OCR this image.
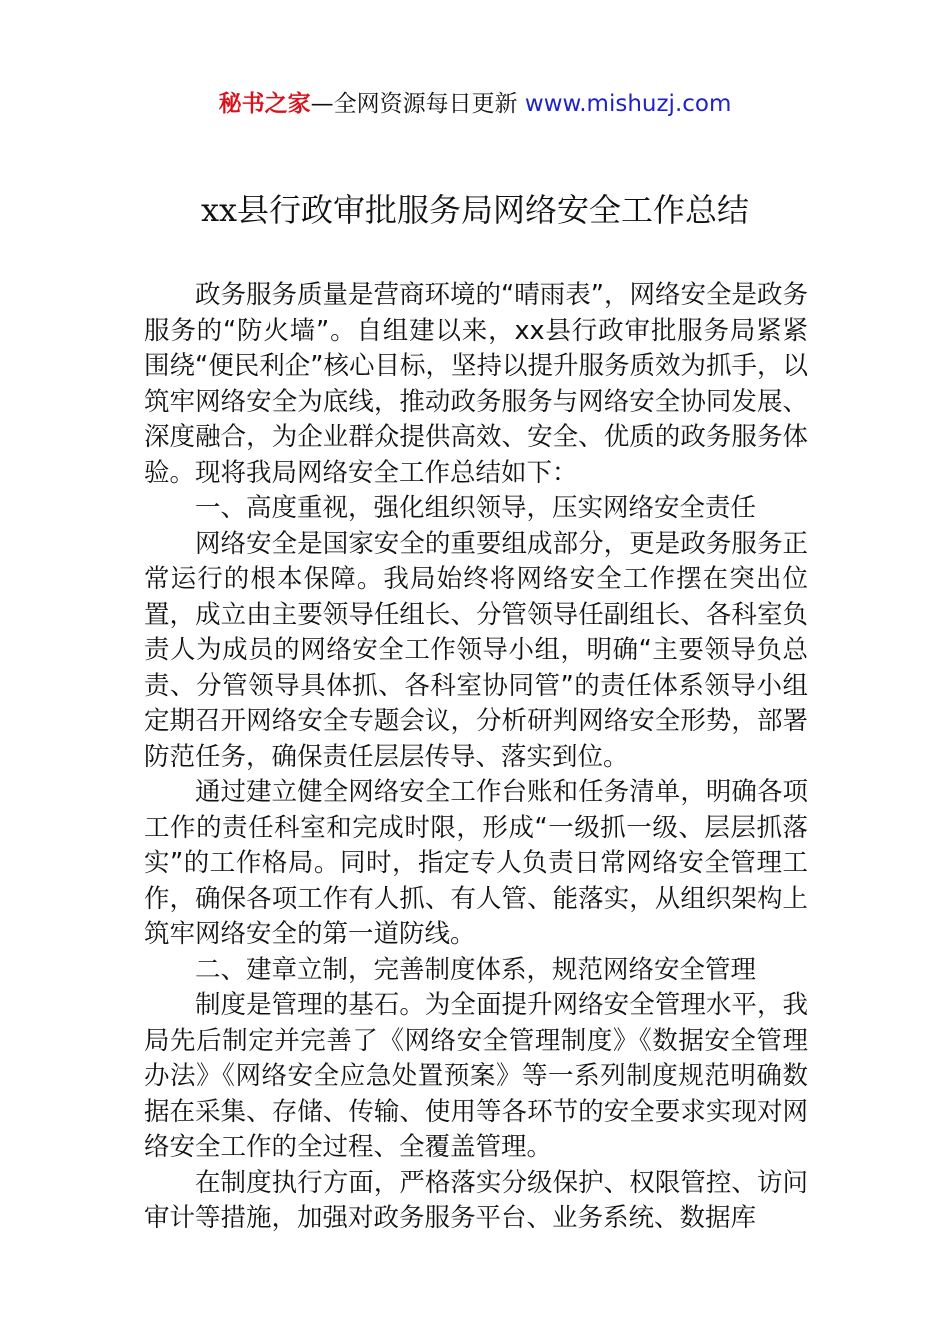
秘书之家—全网资源每日更新 www.mishuzj.com
xx县行政审批服务局网络安全工作总结

政务服务质量是营商环境的“晴雨表”，网络安全是政务服务的“防火墙”。自组建以来，xx县行政审批服务局紧紧围绕“便民利企”核心目标，坚持以提升服务质效为抓手，以筑牢网络安全为底线，推动政务服务与网络安全协同发展、深度融合，为企业群众提供高效、安全、优质的政务服务体验。现将我局网络安全工作总结如下：

一、高度重视，强化组织领导，压实网络安全责任

网络安全是国家安全的重要组成部分，更是政务服务正常运行的根本保障。我局始终将网络安全工作摆在突出位置，成立由主要领导任组长、分管领导任副组长、各科室负责人为成员的网络安全工作领导小组，明确“主要领导负总责、分管领导具体抓、各科室协同管”的责任体系领导小组定期召开网络安全专题会议，分析研判网络安全形势，部署防范任务，确保责任层层传导、落实到位。

通过建立健全网络安全工作台账和任务清单，明确各项工作的责任科室和完成时限，形成“一级抓一级、层层抓落实”的工作格局。同时，指定专人负责日常网络安全管理工作，确保各项工作有人抓、有人管、能落实，从组织架构上筑牢网络安全的第一道防线。

二、建章立制，完善制度体系，规范网络安全管理

制度是管理的基石。为全面提升网络安全管理水平，我局先后制定并完善了《网络安全管理制度》《数据安全管理办法》《网络安全应急处置预案》等一系列制度规范明确数据在采集、存储、传输、使用等各环节的安全要求实现对网络安全工作的全过程、全覆盖管理。

在制度执行方面，严格落实分级保护、权限管控、访问审计等措施，加强对政务服务平台、业务系统、数据库
